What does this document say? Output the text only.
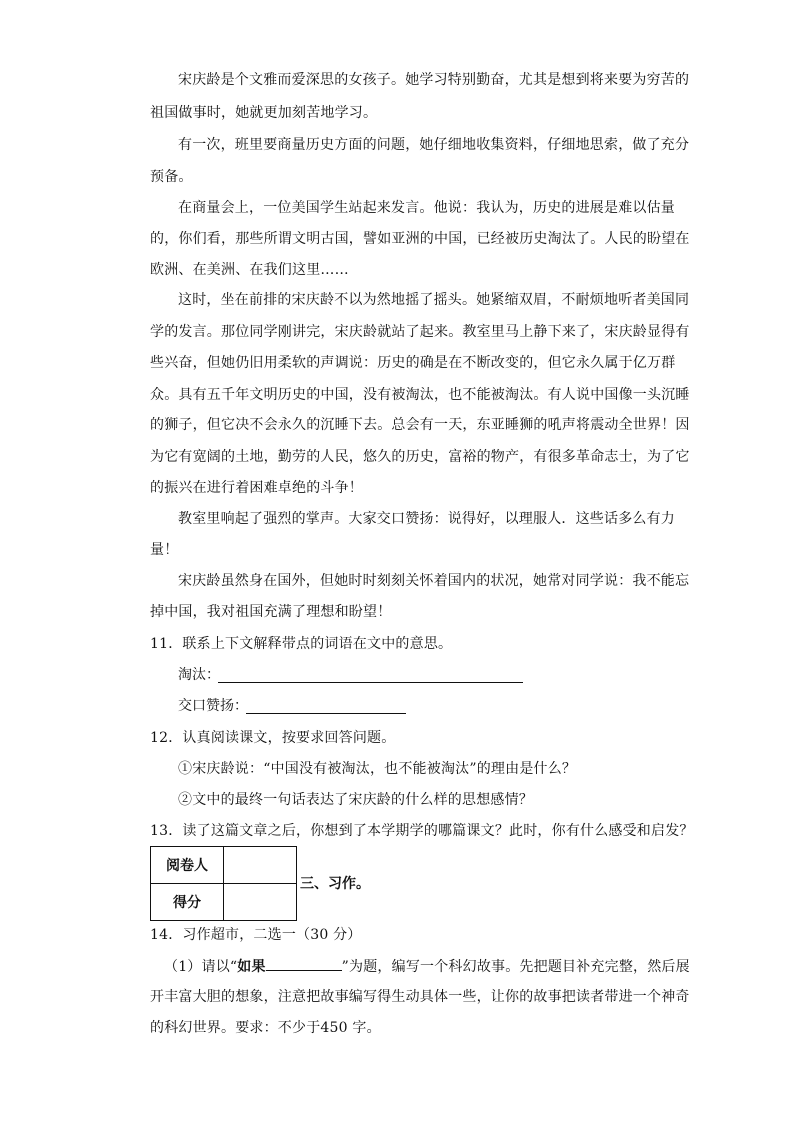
宋庆龄是个文雅而爱深思的女孩子。她学习特别勤奋，尤其是想到将来要为穷苦的
祖国做事时，她就更加刻苦地学习。
有一次，班里要商量历史方面的问题，她仔细地收集资料，仔细地思索，做了充分
预备。
在商量会上，一位美国学生站起来发言。他说：我认为，历史的进展是难以估量
的，你们看，那些所谓文明古国，譬如亚洲的中国，已经被历史淘汰了。人民的盼望在
欧洲、在美洲、在我们这里……
这时，坐在前排的宋庆龄不以为然地摇了摇头。她紧缩双眉，不耐烦地听者美国同
学的发言。那位同学刚讲完，宋庆龄就站了起来。教室里马上静下来了，宋庆龄显得有
些兴奋，但她仍旧用柔软的声调说：历史的确是在不断改变的，但它永久属于亿万群
众。具有五千年文明历史的中国，没有被淘汰，也不能被淘汰。有人说中国像一头沉睡
的狮子，但它决不会永久的沉睡下去。总会有一天，东亚睡狮的吼声将震动全世界！因
为它有宽阔的土地，勤劳的人民，悠久的历史，富裕的物产，有很多革命志士，为了它
的振兴在进行着困难卓绝的斗争！
教室里响起了强烈的掌声。大家交口赞扬：说得好，以理服人．这些话多么有力
量！
宋庆龄虽然身在国外，但她时时刻刻关怀着国内的状况，她常对同学说：我不能忘
掉中国，我对祖国充满了理想和盼望！
11．联系上下文解释带点的词语在文中的意思。
淘汰：
交口赞扬：
12．认真阅读课文，按要求回答问题。
①宋庆龄说：“中国没有被淘汰，也不能被淘汰”的理由是什么？
②文中的最终一句话表达了宋庆龄的什么样的思想感情？
13．读了这篇文章之后，你想到了本学期学的哪篇课文？此时，你有什么感受和启发？
阅卷人	
得分	
三、习作。
14．习作超市，二选一（30 分）
（1）请以“如果	”为题，编写一个科幻故事。先把题目补充完整，然后展
开丰富大胆的想象，注意把故事编写得生动具体一些，让你的故事把读者带进一个神奇
的科幻世界。要求：不少于450 字。
